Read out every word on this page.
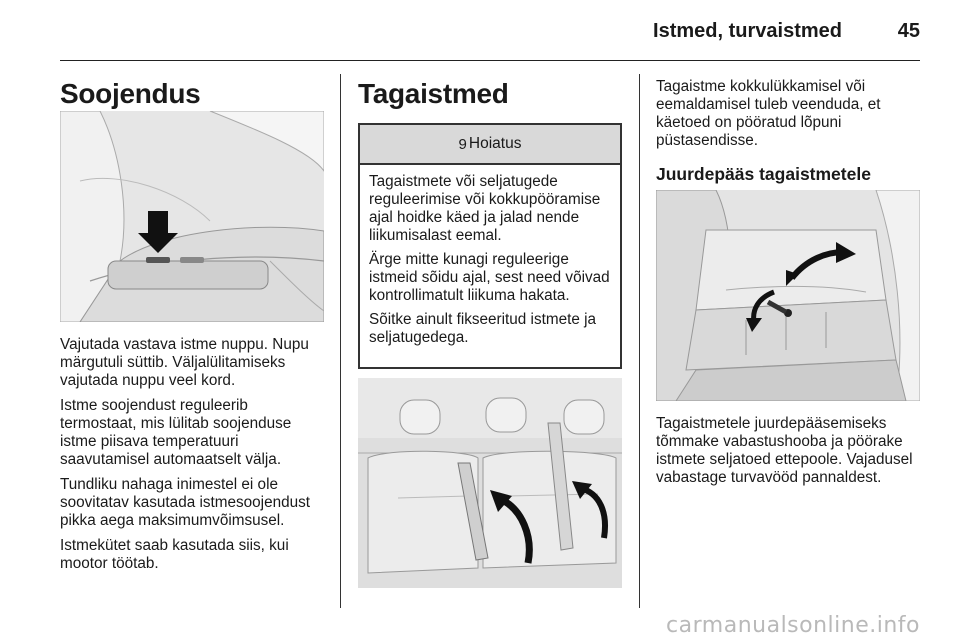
Istmed, turvaistmed	45
Soojendus

Vajutada vastava istme nuppu. Nupu märgutuli süttib. Väljalülitamiseks vajutada nuppu veel kord.

Istme soojendust reguleerib termostaat, mis lülitab soojenduse istme piisava temperatuuri saavutamisel automaatselt välja.

Tundliku nahaga inimestel ei ole soovitatav kasutada istmesoojendust pikka aega maksimumvõimsusel.

Istmekütet saab kasutada siis, kui mootor töötab.

Tagaistmed
9 Hoiatus

Tagaistmete või seljatugede reguleerimise või kokkupööramise ajal hoidke käed ja jalad nende liikumisalast eemal.

Ärge mitte kunagi reguleerige istmeid sõidu ajal, sest need võivad kontrollimatult liikuma hakata.

Sõitke ainult fikseeritud istmete ja seljatugedega.

Tagaistme kokkulükkamisel või eemaldamisel tuleb veenduda, et käetoed on pööratud lõpuni püstasendisse.

Juurdepääs tagaistmetele

Tagaistmetele juurdepääsemiseks tõmmake vabastushooba ja pöörake istmete seljatoed ettepoole. Vajadusel vabastage turvavööd pannaldest.

carmanualsonline.info
